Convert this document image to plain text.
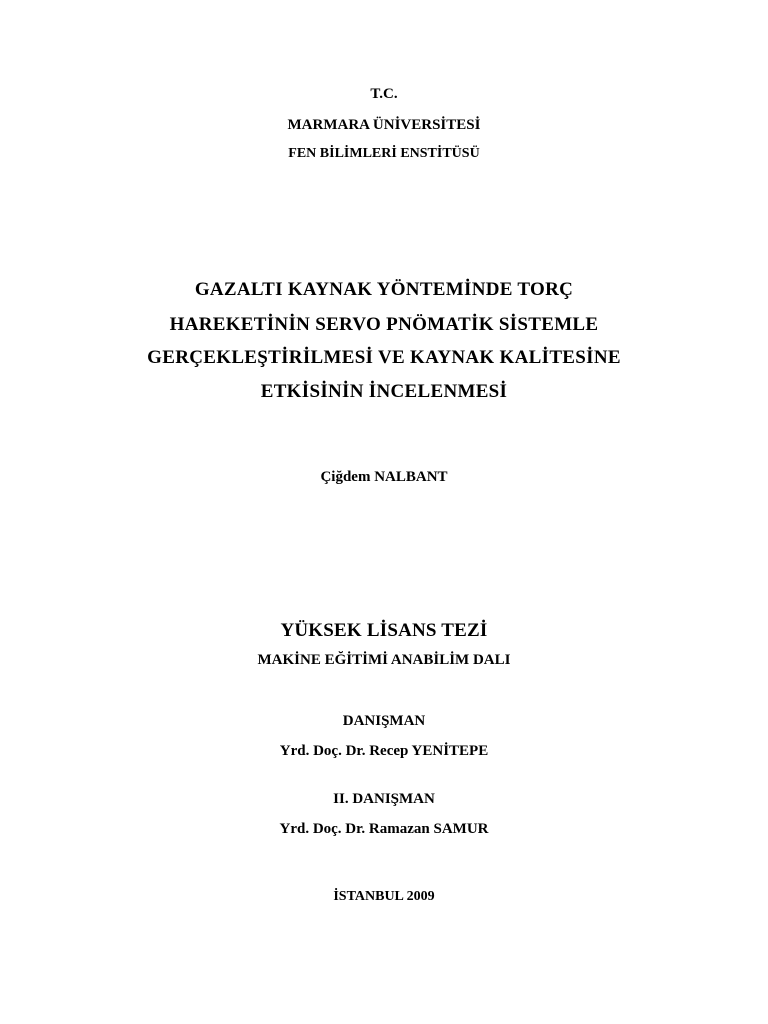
T.C.
MARMARA ÜNİVERSİTESİ
FEN BİLİMLERİ ENSTİTÜSÜ
GAZALTI KAYNAK YÖNTEMİNDE TORÇ
HAREKETİNİN SERVO PNÖMATİK SİSTEMLE
GERÇEKLEŞTİRİLMESİ VE KAYNAK KALİTESİNE
ETKİSİNİN İNCELENMESİ
Çiğdem NALBANT
YÜKSEK LİSANS TEZİ
MAKİNE EĞİTİMİ ANABİLİM DALI
DANIŞMAN
Yrd. Doç. Dr. Recep YENİTEPE
II. DANIŞMAN
Yrd. Doç. Dr. Ramazan SAMUR
İSTANBUL 2009
